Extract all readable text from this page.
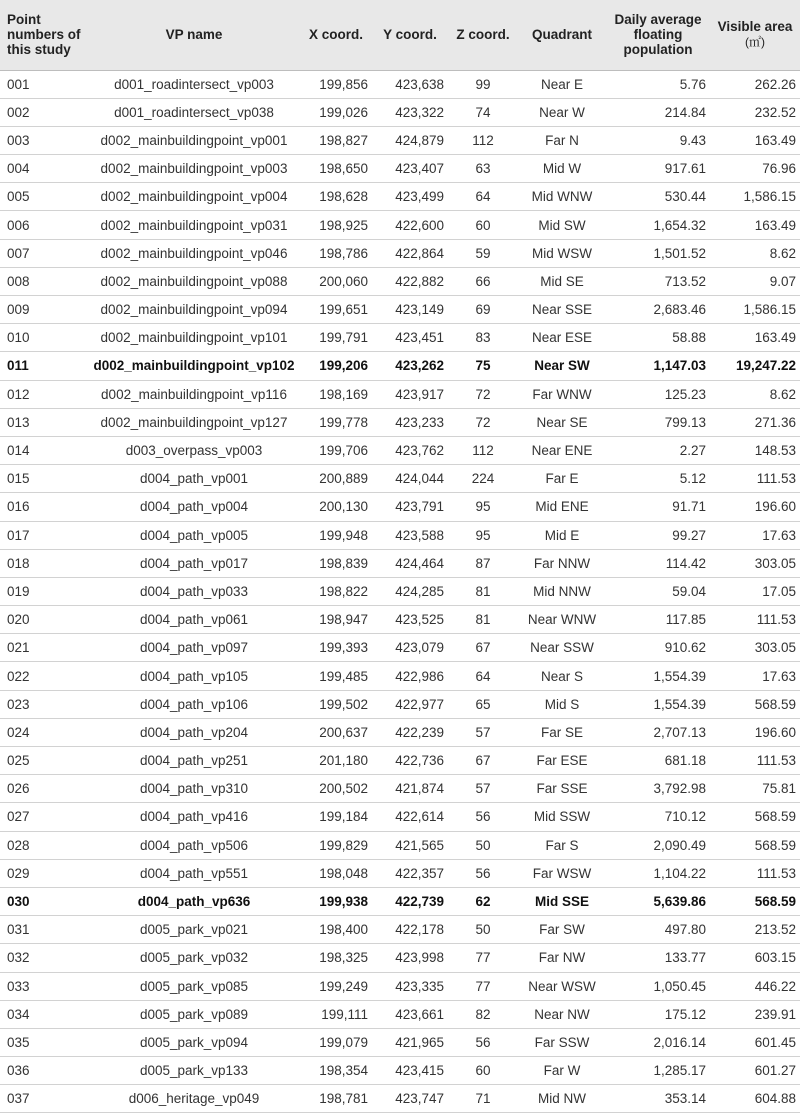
Point numbers of this study	VP name	X coord.	Y coord.	Z coord.	Quadrant	Daily average floating population	Visible area
(㎡)
001	d001_roadintersect_vp003	199,856	423,638	99	Near E	5.76	262.26
002	d001_roadintersect_vp038	199,026	423,322	74	Near W	214.84	232.52
003	d002_mainbuildingpoint_vp001	198,827	424,879	112	Far N	9.43	163.49
004	d002_mainbuildingpoint_vp003	198,650	423,407	63	Mid W	917.61	76.96
005	d002_mainbuildingpoint_vp004	198,628	423,499	64	Mid WNW	530.44	1,586.15
006	d002_mainbuildingpoint_vp031	198,925	422,600	60	Mid SW	1,654.32	163.49
007	d002_mainbuildingpoint_vp046	198,786	422,864	59	Mid WSW	1,501.52	8.62
008	d002_mainbuildingpoint_vp088	200,060	422,882	66	Mid SE	713.52	9.07
009	d002_mainbuildingpoint_vp094	199,651	423,149	69	Near SSE	2,683.46	1,586.15
010	d002_mainbuildingpoint_vp101	199,791	423,451	83	Near ESE	58.88	163.49
011	d002_mainbuildingpoint_vp102	199,206	423,262	75	Near SW	1,147.03	19,247.22
012	d002_mainbuildingpoint_vp116	198,169	423,917	72	Far WNW	125.23	8.62
013	d002_mainbuildingpoint_vp127	199,778	423,233	72	Near SE	799.13	271.36
014	d003_overpass_vp003	199,706	423,762	112	Near ENE	2.27	148.53
015	d004_path_vp001	200,889	424,044	224	Far E	5.12	111.53
016	d004_path_vp004	200,130	423,791	95	Mid ENE	91.71	196.60
017	d004_path_vp005	199,948	423,588	95	Mid E	99.27	17.63
018	d004_path_vp017	198,839	424,464	87	Far NNW	114.42	303.05
019	d004_path_vp033	198,822	424,285	81	Mid NNW	59.04	17.05
020	d004_path_vp061	198,947	423,525	81	Near WNW	117.85	111.53
021	d004_path_vp097	199,393	423,079	67	Near SSW	910.62	303.05
022	d004_path_vp105	199,485	422,986	64	Near S	1,554.39	17.63
023	d004_path_vp106	199,502	422,977	65	Mid S	1,554.39	568.59
024	d004_path_vp204	200,637	422,239	57	Far SE	2,707.13	196.60
025	d004_path_vp251	201,180	422,736	67	Far ESE	681.18	111.53
026	d004_path_vp310	200,502	421,874	57	Far SSE	3,792.98	75.81
027	d004_path_vp416	199,184	422,614	56	Mid SSW	710.12	568.59
028	d004_path_vp506	199,829	421,565	50	Far S	2,090.49	568.59
029	d004_path_vp551	198,048	422,357	56	Far WSW	1,104.22	111.53
030	d004_path_vp636	199,938	422,739	62	Mid SSE	5,639.86	568.59
031	d005_park_vp021	198,400	422,178	50	Far SW	497.80	213.52
032	d005_park_vp032	198,325	423,998	77	Far NW	133.77	603.15
033	d005_park_vp085	199,249	423,335	77	Near WSW	1,050.45	446.22
034	d005_park_vp089	199,111	423,661	82	Near NW	175.12	239.91
035	d005_park_vp094	199,079	421,965	56	Far SSW	2,016.14	601.45
036	d005_park_vp133	198,354	423,415	60	Far W	1,285.17	601.27
037	d006_heritage_vp049	198,781	423,747	71	Mid NW	353.14	604.88
